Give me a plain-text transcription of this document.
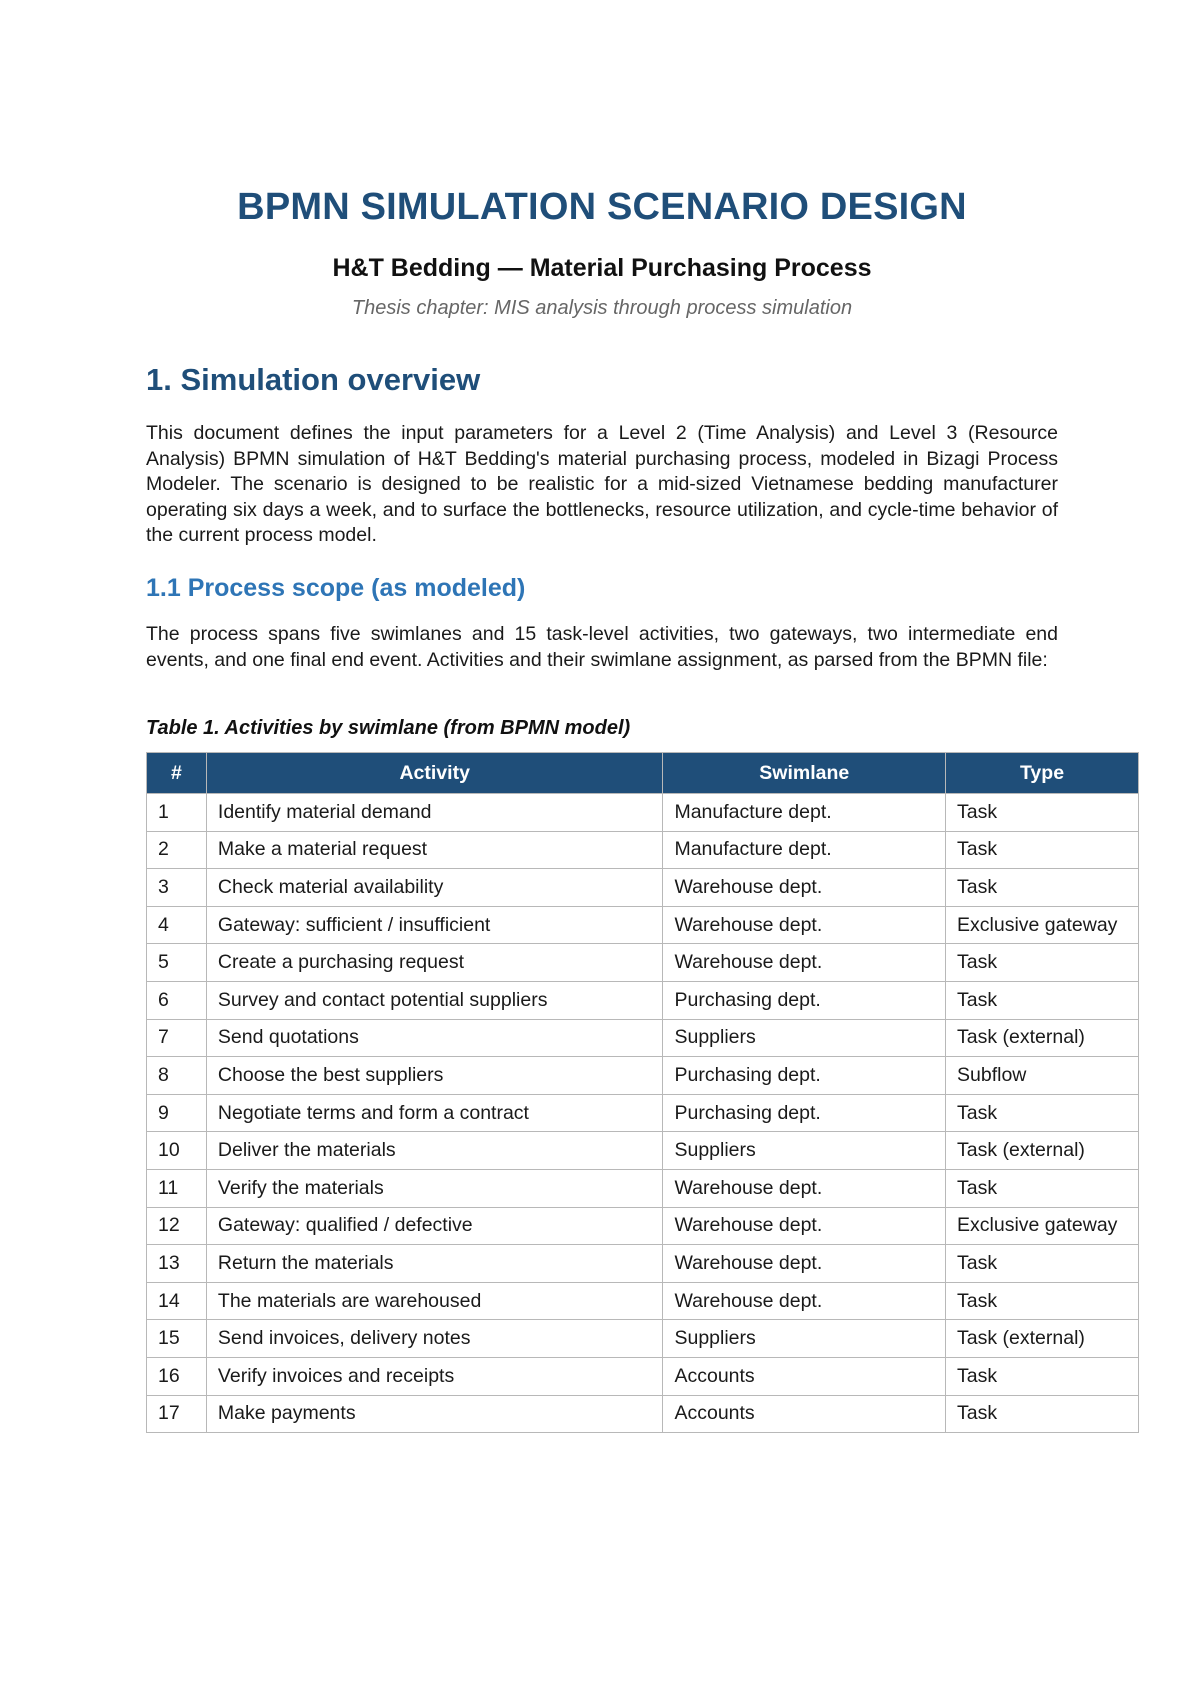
BPMN SIMULATION SCENARIO DESIGN
H&T Bedding — Material Purchasing Process
Thesis chapter: MIS analysis through process simulation
1. Simulation overview

This document defines the input parameters for a Level 2 (Time Analysis) and Level 3 (Resource Analysis) BPMN simulation of H&T Bedding's material purchasing process, modeled in Bizagi Process Modeler. The scenario is designed to be realistic for a mid-sized Vietnamese bedding manufacturer operating six days a week, and to surface the bottlenecks, resource utilization, and cycle-time behavior of the current process model.

1.1 Process scope (as modeled)

The process spans five swimlanes and 15 task-level activities, two gateways, two intermediate end events, and one final end event. Activities and their swimlane assignment, as parsed from the BPMN file:

Table 1. Activities by swimlane (from BPMN model)
#	Activity	Swimlane	Type
1	Identify material demand	Manufacture dept.	Task
2	Make a material request	Manufacture dept.	Task
3	Check material availability	Warehouse dept.	Task
4	Gateway: sufficient / insufficient	Warehouse dept.	Exclusive gateway
5	Create a purchasing request	Warehouse dept.	Task
6	Survey and contact potential suppliers	Purchasing dept.	Task
7	Send quotations	Suppliers	Task (external)
8	Choose the best suppliers	Purchasing dept.	Subflow
9	Negotiate terms and form a contract	Purchasing dept.	Task
10	Deliver the materials	Suppliers	Task (external)
11	Verify the materials	Warehouse dept.	Task
12	Gateway: qualified / defective	Warehouse dept.	Exclusive gateway
13	Return the materials	Warehouse dept.	Task
14	The materials are warehoused	Warehouse dept.	Task
15	Send invoices, delivery notes	Suppliers	Task (external)
16	Verify invoices and receipts	Accounts	Task
17	Make payments	Accounts	Task
